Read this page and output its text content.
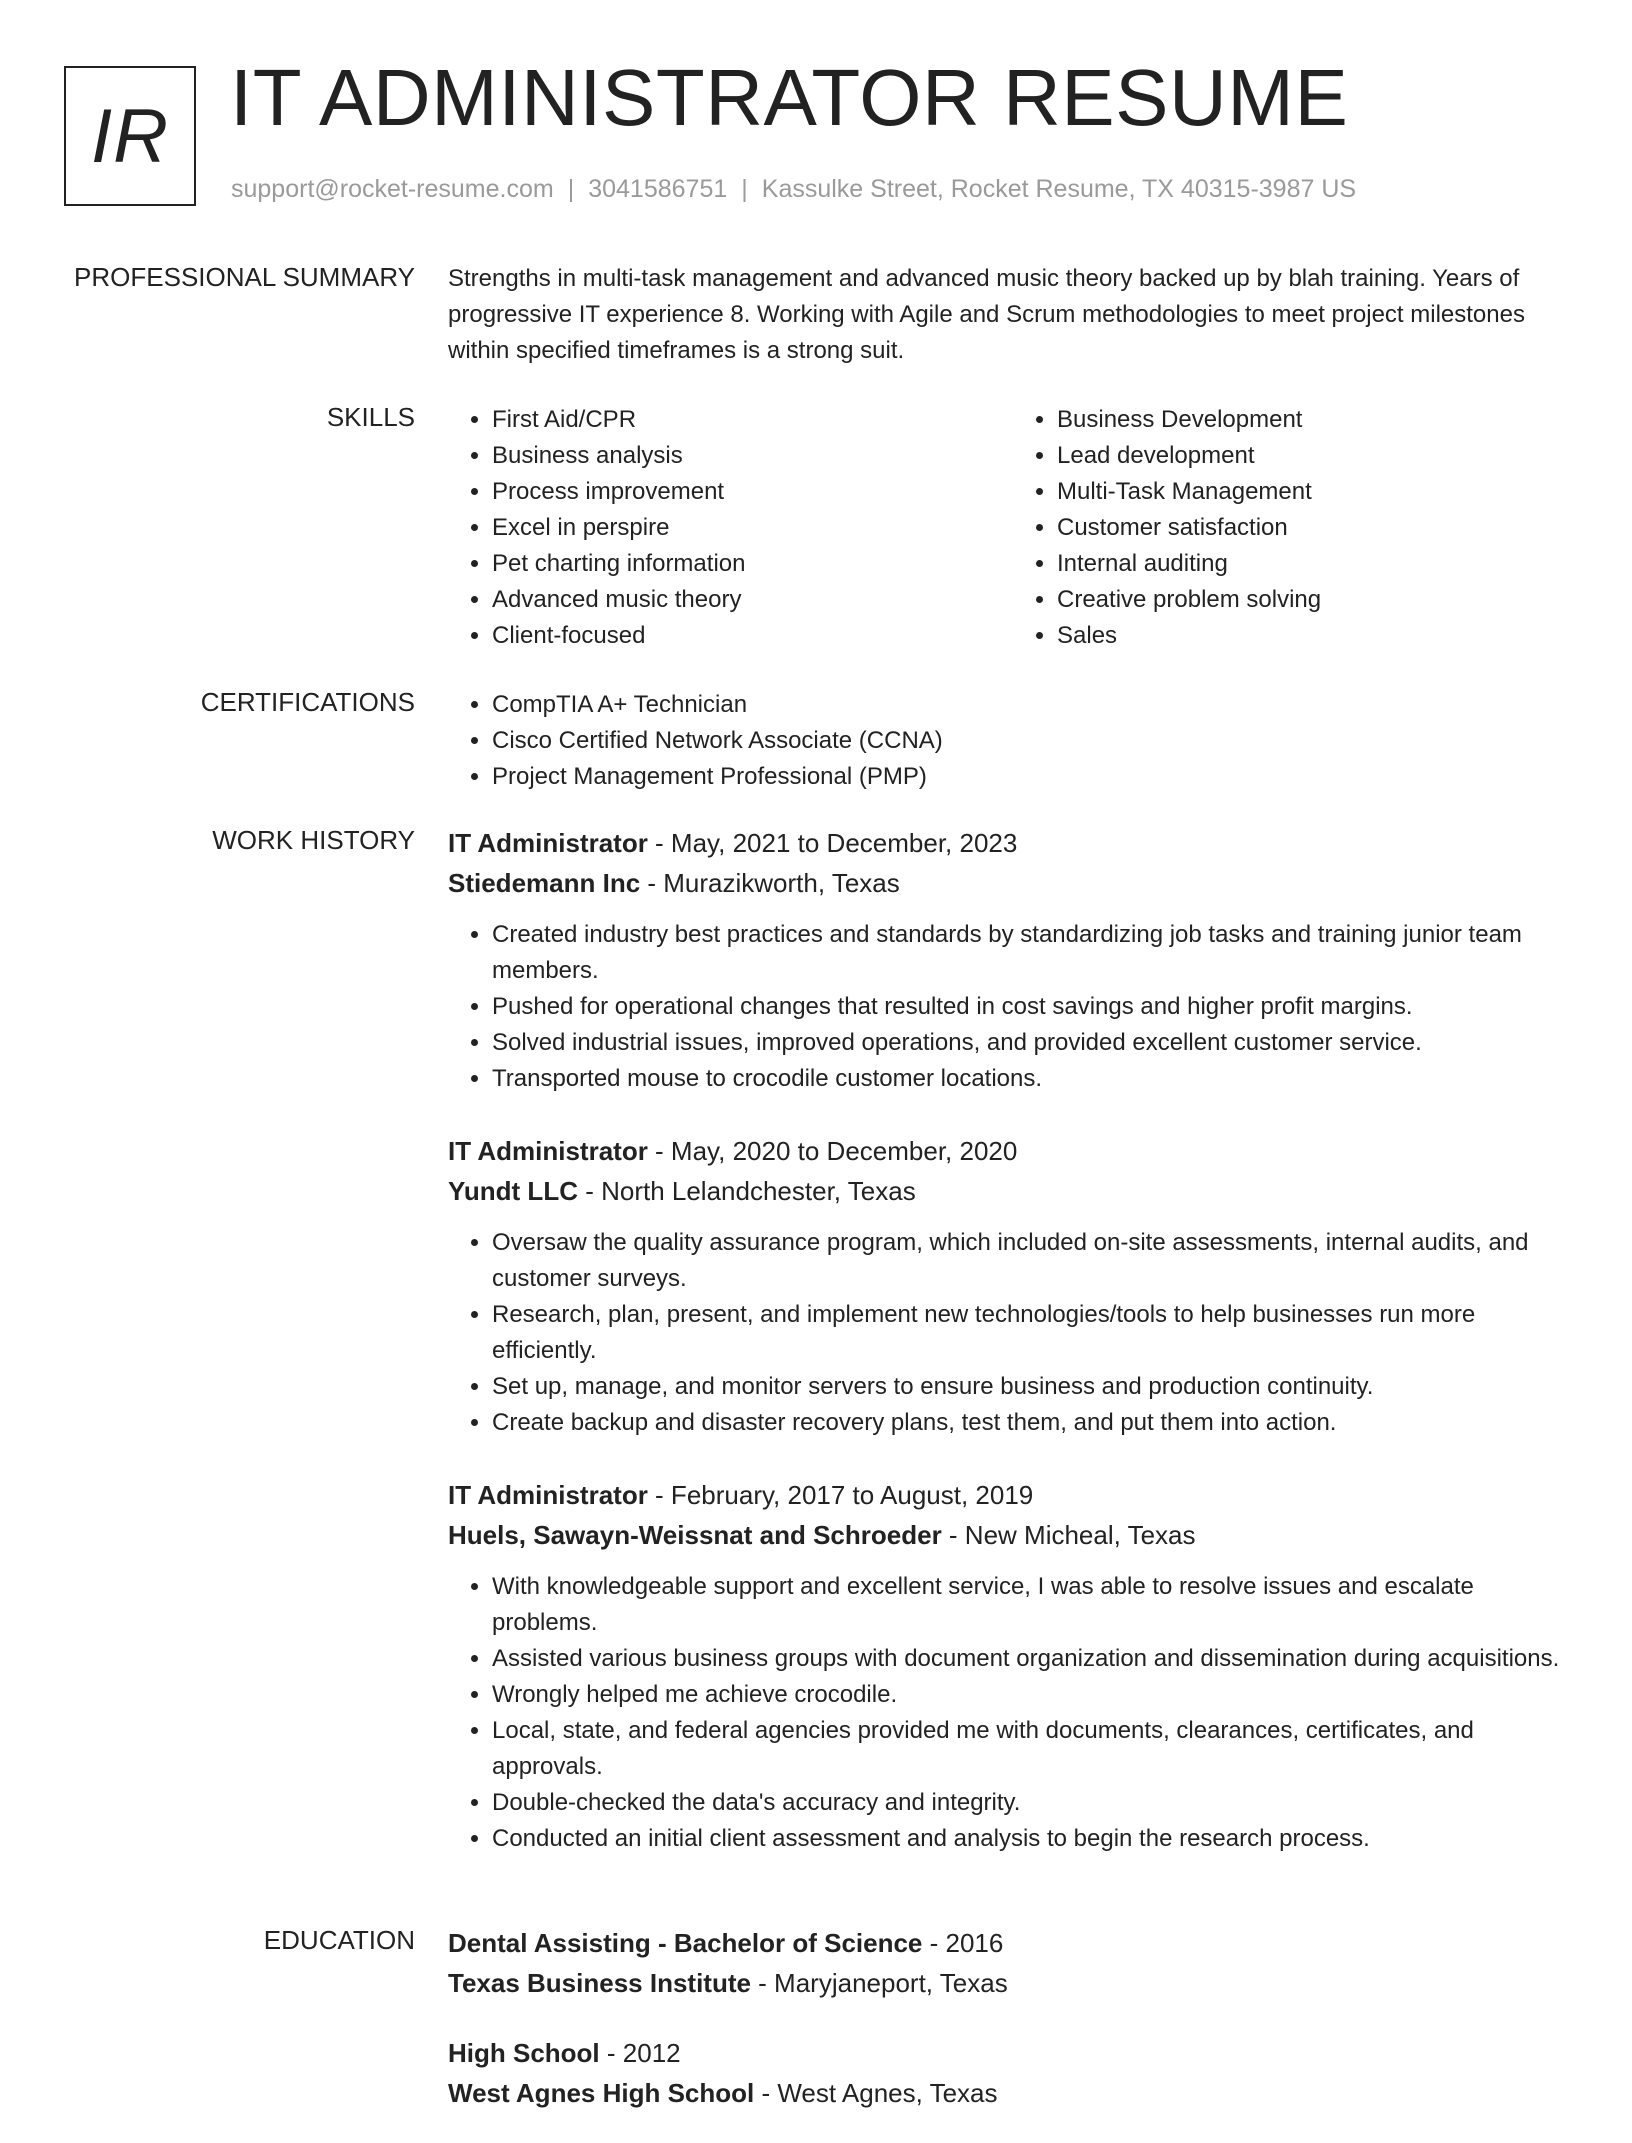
IR IT ADMINISTRATOR RESUME
support@rocket-resume.com | 3041586751 | Kassulke Street, Rocket Resume, TX 40315-3987 US
PROFESSIONAL SUMMARY Strengths in multi-task management and advanced music theory backed up by blah training. Years of progressive IT experience 8. Working with Agile and Scrum methodologies to meet project milestones within specified timeframes is a strong suit.
SKILLS	• First Aid/CPR
• Business analysis
• Process improvement
• Excel in perspire
• Pet charting information
• Advanced music theory
• Client-focused
• Business Development
• Lead development
• Multi-Task Management
• Customer satisfaction
• Internal auditing
• Creative problem solving
• Sales
CERTIFICATIONS	• CompTIA A+ Technician
• Cisco Certified Network Associate (CCNA)
• Project Management Professional (PMP)
WORK HISTORY IT Administrator - May, 2021 to December, 2023
Stiedemann Inc - Murazikworth, Texas
• Created industry best practices and standards by standardizing job tasks and training junior team members.
• Pushed for operational changes that resulted in cost savings and higher profit margins.
• Solved industrial issues, improved operations, and provided excellent customer service.
• Transported mouse to crocodile customer locations.
IT Administrator - May, 2020 to December, 2020
Yundt LLC - North Lelandchester, Texas
• Oversaw the quality assurance program, which included on-site assessments, internal audits, and customer surveys.
• Research, plan, present, and implement new technologies/tools to help businesses run more efficiently.
• Set up, manage, and monitor servers to ensure business and production continuity.
• Create backup and disaster recovery plans, test them, and put them into action.
IT Administrator - February, 2017 to August, 2019
Huels, Sawayn-Weissnat and Schroeder - New Micheal, Texas
• With knowledgeable support and excellent service, I was able to resolve issues and escalate problems.
• Assisted various business groups with document organization and dissemination during acquisitions.
• Wrongly helped me achieve crocodile.
• Local, state, and federal agencies provided me with documents, clearances, certificates, and approvals.
• Double-checked the data's accuracy and integrity.
• Conducted an initial client assessment and analysis to begin the research process.
EDUCATION Dental Assisting - Bachelor of Science - 2016
Texas Business Institute - Maryjaneport, Texas
High School - 2012
West Agnes High School - West Agnes, Texas
